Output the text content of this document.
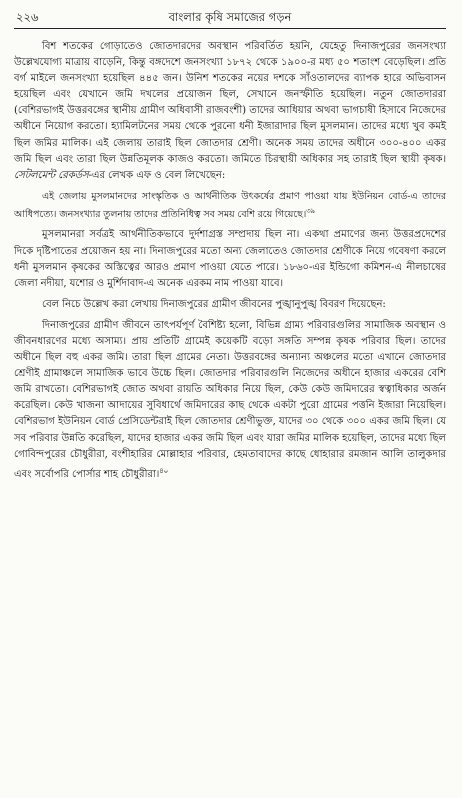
২২৬	বাংলার কৃষি সমাজের গড়ন

বিশ শতকের গোড়াতেও জোতদারদের অবস্থান পরিবর্তিত হয়নি, যেহেতু দিনাজপুরের জনসংখ্যা উল্লেখযোগ্য মাত্রায় বাড়েনি, কিন্তু বঙ্গদেশে জনসংখ্যা ১৮৭২ থেকে ১৯০০-র মধ্য ৫০ শতাংশ বেড়েছিল। প্রতি বর্গ মাইলে জনসংখ্যা হয়েছিল ৪৪৫ জন। উনিশ শতকের নয়ের দশকে সাঁওতালদের ব্যাপক হারে অভিবাসন হয়েছিল এবং যেখানে জমি দখলের প্রয়োজন ছিল, সেখানে জনস্ফীতি হয়েছিল। নতুন জোতদাররা (বেশিরভাগই উত্তরবঙ্গের স্থানীয় গ্রামীণ অধিবাসী রাজবংশী) তাদের আধিয়ার অথবা ভাগচাষী হিসাবে নিজেদের অধীনে নিয়োগ করতো। হ্যামিলটনের সময় থেকে পুরনো ধনী ইজারাদার ছিল মুসলমান। তাদের মধ্যে খুব কমই ছিল জমির মালিক। এই জেলায় তারাই ছিল জোতদার শ্রেণী। অনেক সময় তাদের অধীনে ৩০০-৪০০ একর জমি ছিল এবং তারা ছিল উন্নতিমূলক কাজও করতো। জমিতে চিরস্থায়ী অধিকার সহ তারাই ছিল স্থায়ী কৃষক। সেটলমেন্ট রেকর্ডস-এর লেখক এফ ও বেল লিখেছেন:

এই জেলায় মুসলমানদের সাংস্কৃতিক ও আর্থনীতিক উৎকর্ষের প্রমাণ পাওয়া যায় ইউনিয়ন বোর্ড-এ তাদের আধিপত্যে। জনসংখ্যার তুলনায় তাদের প্রতিনিধিত্ব সব সময় বেশি রয়ে গিয়েছে।$^{৩৯}$

মুসলমানরা সর্বত্রই আর্থনীতিকভাবে দুর্দশাগ্রস্ত সম্প্রদায় ছিল না। একথা প্রমাণের জন্য উত্তরপ্রদেশের দিকে দৃষ্টিপাতের প্রয়োজন হয় না। দিনাজপুরের মতো অন্য জেলাতেও জোতদার শ্রেণীকে নিয়ে গবেষণা করলে ধনী মুসলমান কৃষকের অস্তিত্বের আরও প্রমাণ পাওয়া যেতে পারে। ১৮৬০-এর ইন্ডিগো কমিশন-এ নীলচাষের জেলা নদীয়া, যশোর ও মুর্শিদাবাদ-এ অনেক এরকম নাম পাওয়া যাবে।

বেল নিচে উল্লেখ করা লেখায় দিনাজপুরের গ্রামীণ জীবনের পুঙ্খানুপুঙ্খ বিবরণ দিয়েছেন:

দিনাজপুরের গ্রামীণ জীবনে তাৎপর্যপূর্ণ বৈশিষ্ট্য হলো, বিভিন্ন গ্রাম্য পরিবারগুলির সামাজিক অবস্থান ও জীবনধারণের মধ্যে অসাম্য। প্রায় প্রতিটি গ্রামেই কয়েকটি বড়ো সঙ্গতি সম্পন্ন কৃষক পরিবার ছিল। তাদের অধীনে ছিল বহু একর জমি। তারা ছিল গ্রামের নেতা। উত্তরবঙ্গের অন্যান্য অঞ্চলের মতো এখানে জোতদার শ্রেণীই গ্রামাঞ্চলে সামাজিক ভাবে উচ্চে ছিল। জোতদার পরিবারগুলি নিজেদের অধীনে হাজার একরের বেশি জমি রাখতো। বেশিরভাগই জোত অথবা রায়তি অধিকার নিয়ে ছিল, কেউ কেউ জমিদারের স্বত্বাধিকার অর্জন করেছিল। কেউ খাজনা আদায়ের সুবিধার্থে জমিদারের কাছ থেকে একটা পুরো গ্রামের পত্তনি ইজারা নিয়েছিল। বেশিরভাগ ইউনিয়ন বোর্ড প্রেসিডেন্টরাই ছিল জোতদার শ্রেণীভুক্ত, যাদের ৩০ থেকে ৩০০ একর জমি ছিল। যে সব পরিবার উন্নতি করেছিল, যাদের হাজার একর জমি ছিল এবং যারা জমির মালিক হয়েছিল, তাদের মধ্যে ছিল গোবিন্দপুরের চৌধুরীরা, বংশীহারির মোল্লাহার পরিবার, হেমতাবাদের কাছে ধোহারার রমজান আলি তালুকদার এবং সর্বোপরি পোর্সার শাহ চৌধুরীরা।$^{৪০}$
